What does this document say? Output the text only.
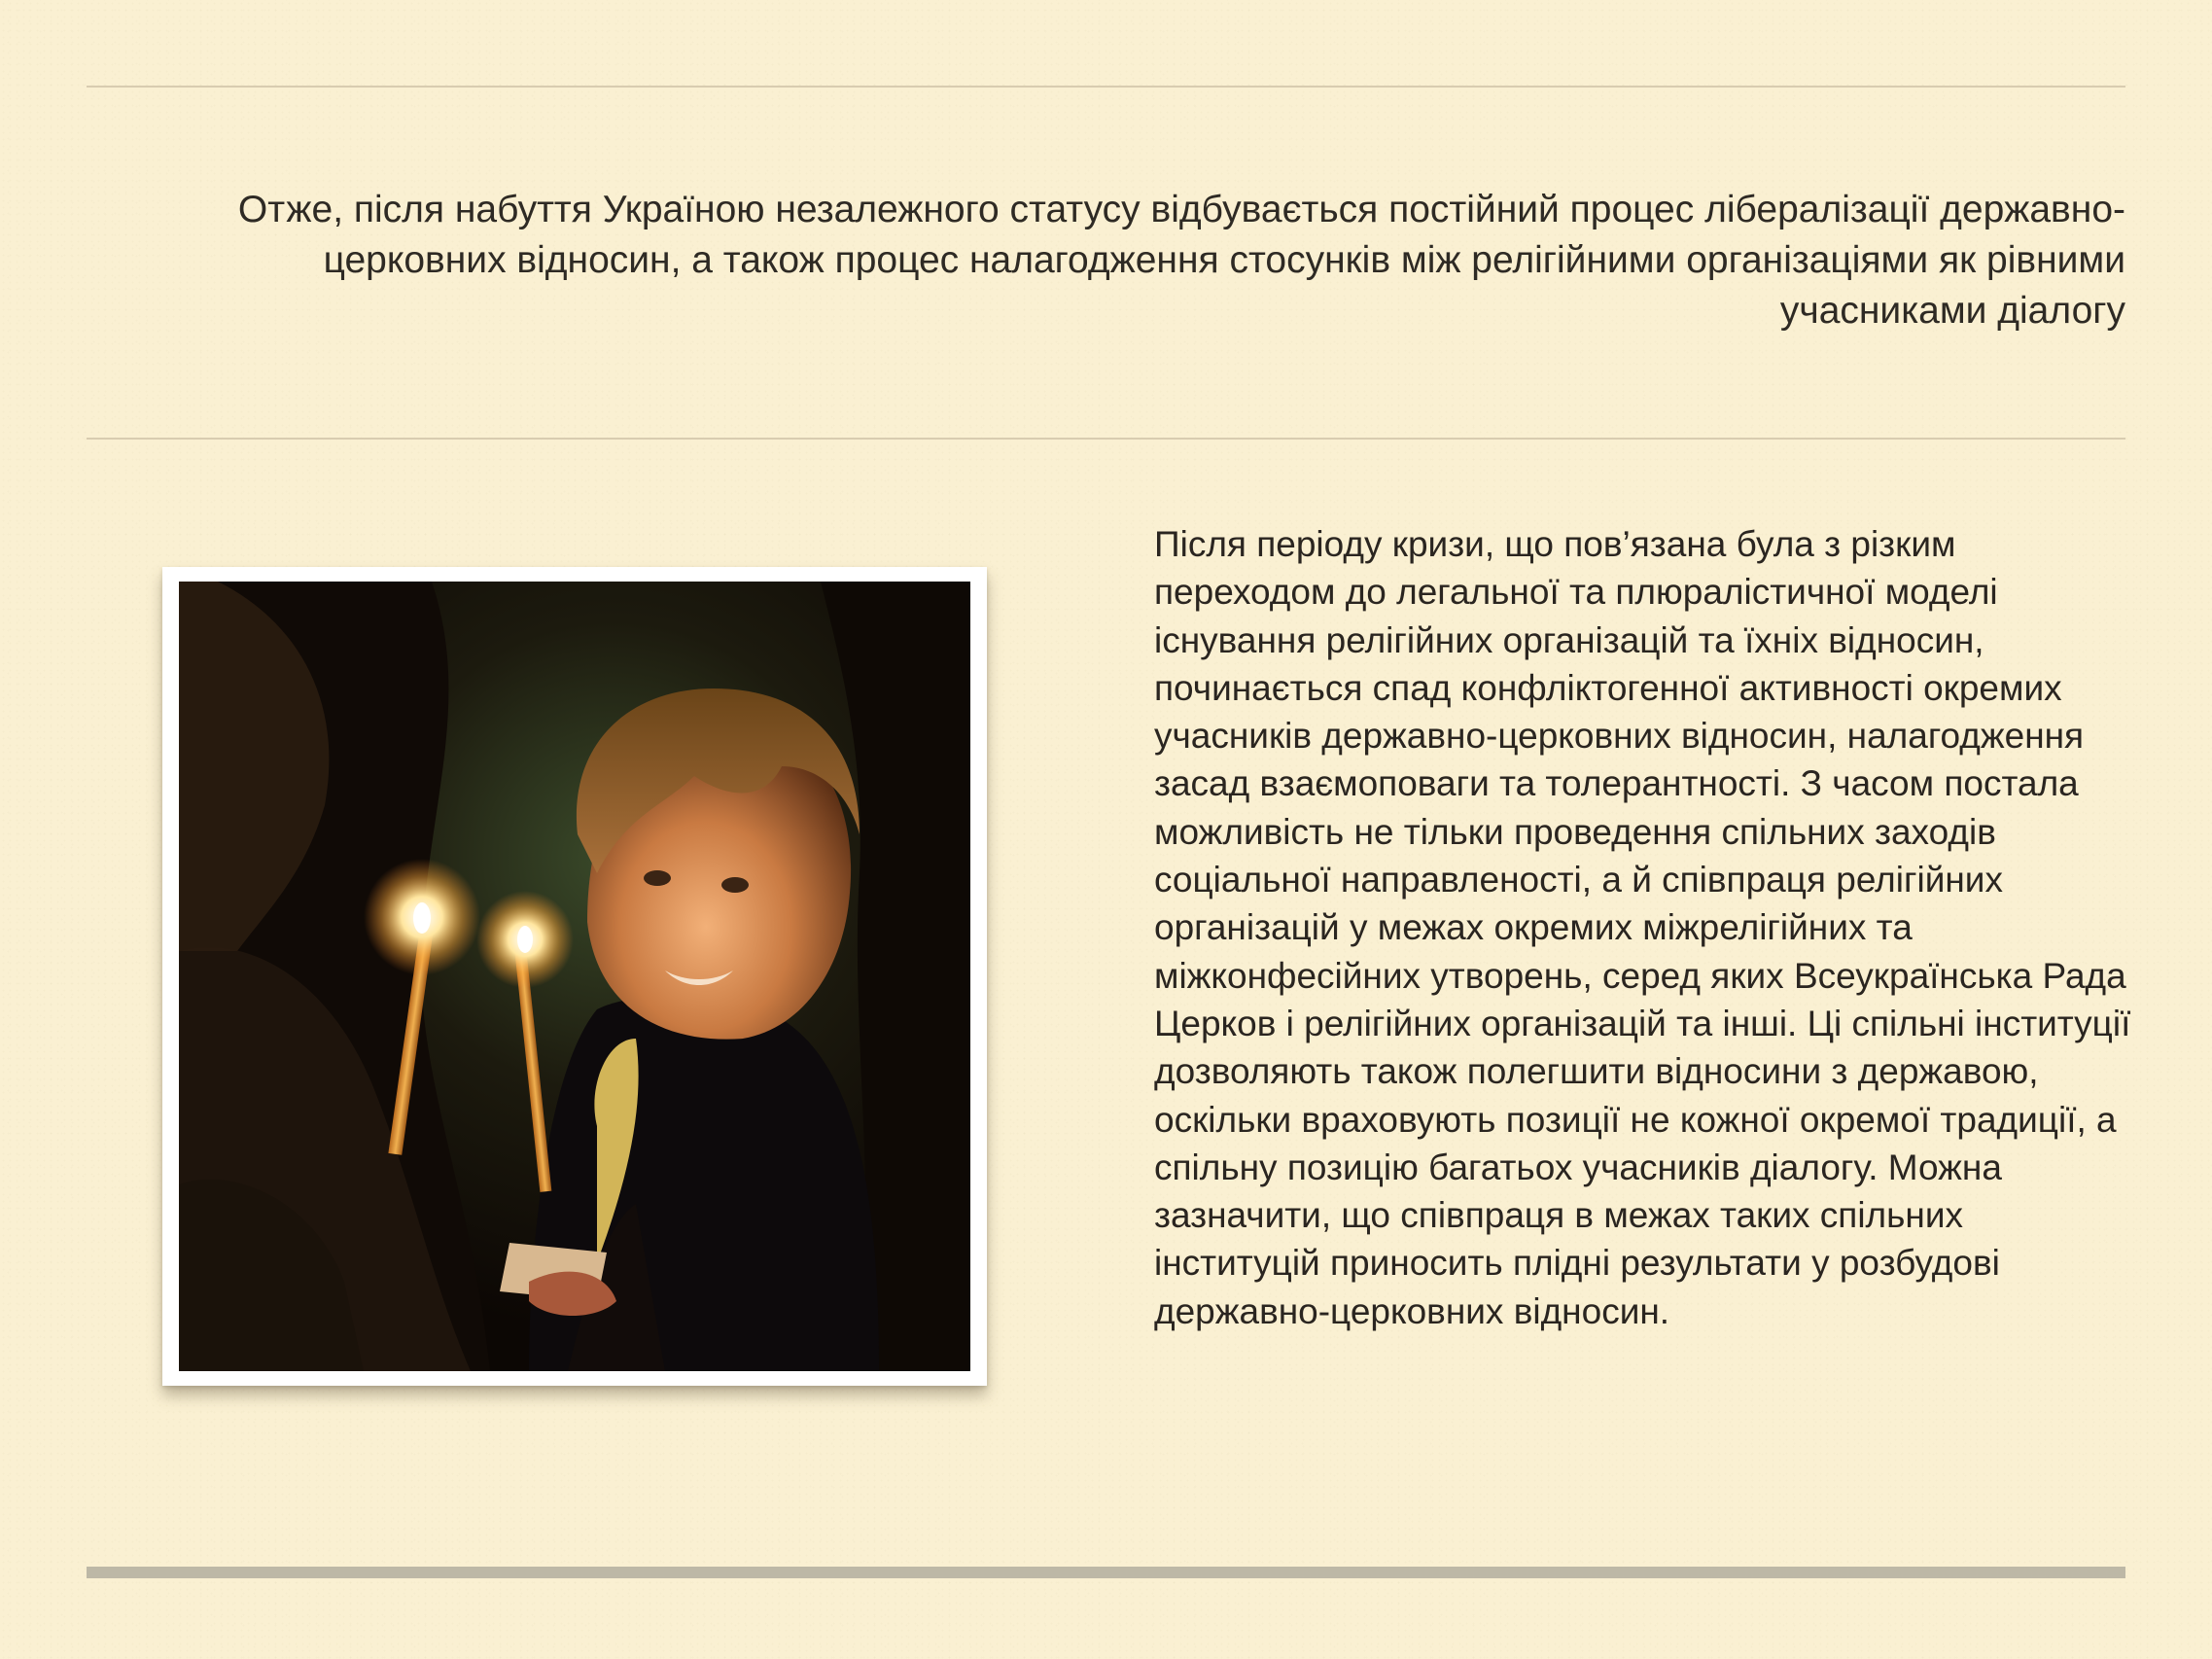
Отже, після набуття Україною незалежного статусу відбувається постійний процес лібералізації державно-церковних відносин, а також процес налагодження стосунків між релігійними організаціями як рівними учасниками діалогу
Після періоду кризи, що пов’язана була з різким переходом до легальної та плюралістичної моделі існування релігійних організацій та їхніх відносин, починається спад конфліктогенної активності окремих учасників державно-церковних відносин, налагодження засад взаємоповаги та толерантності. З часом постала можливість не тільки проведення спільних заходів соціальної направленості, а й співпраця релігійних організацій у межах окремих міжрелігійних та міжконфесійних утворень, серед яких Всеукраїнська Рада Церков і релігійних організацій та інші. Ці спільні інституції дозволяють також полегшити відносини з державою, оскільки враховують позиції не кожної окремої традиції, а спільну позицію багатьох учасників діалогу. Можна зазначити, що співпраця в межах таких спільних інституцій приносить плідні результати у розбудові державно-церковних відносин.
